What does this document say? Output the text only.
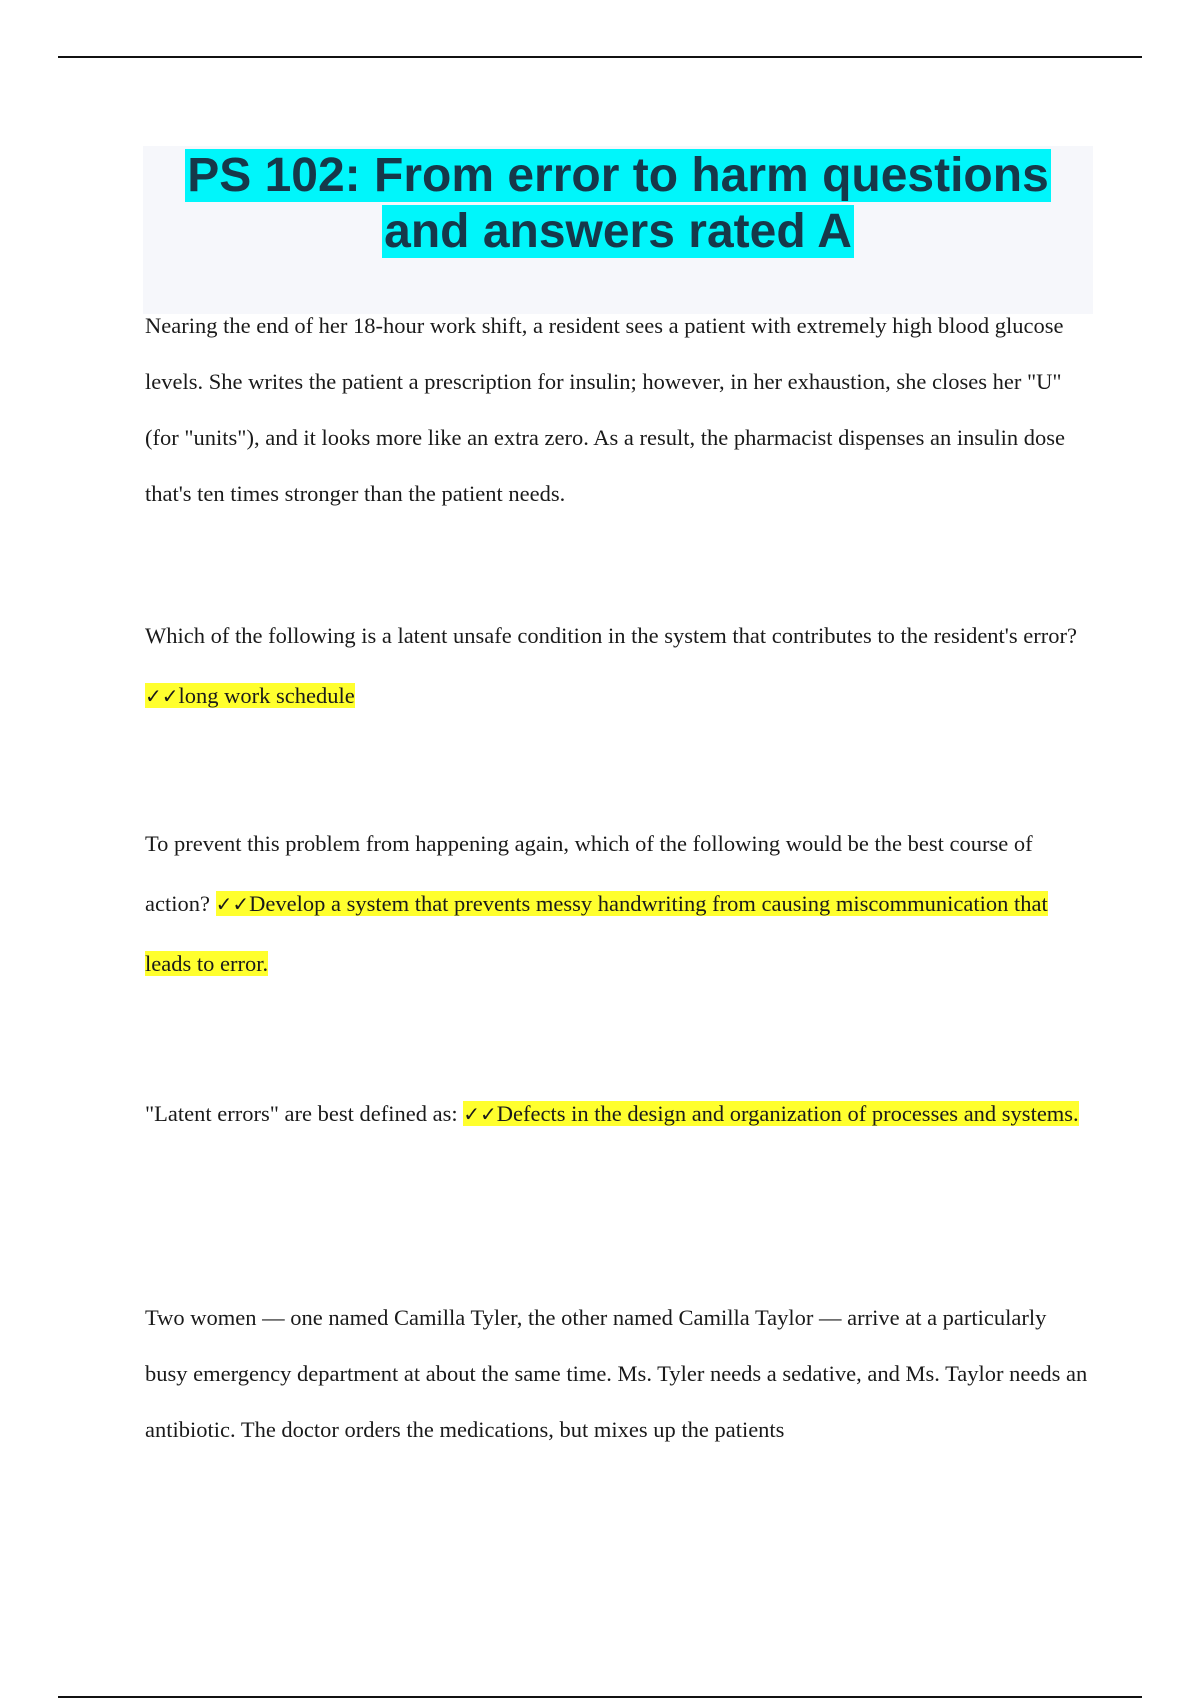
PS 102: From error to harm questions
and answers rated A
Nearing the end of her 18-hour work shift, a resident sees a patient with extremely high blood glucose levels. She writes the patient a prescription for insulin; however, in her exhaustion, she closes her "U" (for "units"), and it looks more like an extra zero. As a result, the pharmacist dispenses an insulin dose that's ten times stronger than the patient needs.
Which of the following is a latent unsafe condition in the system that contributes to the resident's error? ✓✓long work schedule
To prevent this problem from happening again, which of the following would be the best course of action? ✓✓Develop a system that prevents messy handwriting from causing miscommunication that leads to error.
"Latent errors" are best defined as: ✓✓Defects in the design and organization of processes and systems.
Two women — one named Camilla Tyler, the other named Camilla Taylor — arrive at a particularly busy emergency department at about the same time. Ms. Tyler needs a sedative, and Ms. Taylor needs an antibiotic. The doctor orders the medications, but mixes up the patients
